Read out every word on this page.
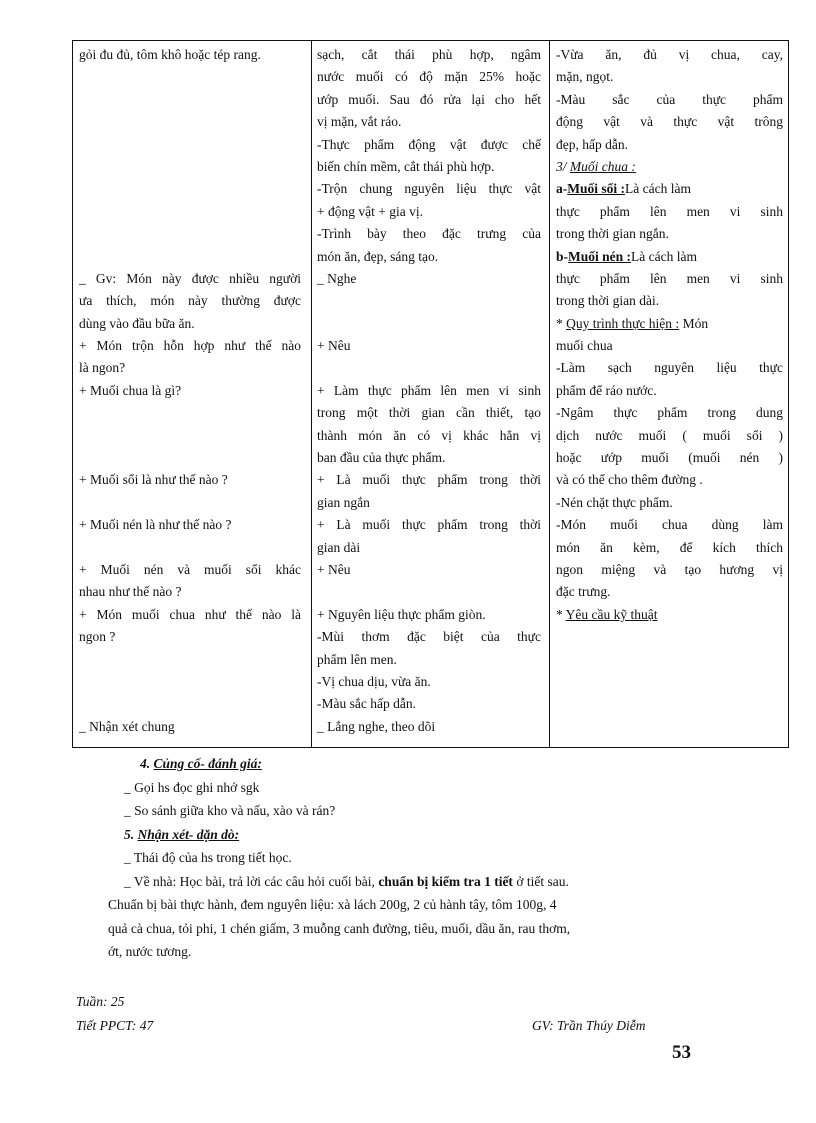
gỏi đu đủ, tôm khô hoặc tép rang.
_ Gv: Món này được nhiều người
ưa thích, món này thường được
dùng vào đầu bữa ăn.
+ Món trộn hỗn hợp như thế nào
là ngon?
+ Muối chua là gì?
+ Muối sổi là như thế nào ?
+ Muối nén là như thế nào ?
+ Muối nén và muối sổi khác
nhau như thế nào ?
+ Món muối chua như thế nào là
ngon ?
_ Nhận xét chung
sạch, cắt thái phù hợp, ngâm
nước muối có độ mặn 25% hoặc
ướp muối. Sau đó rửa lại cho hết
vị mặn, vắt ráo.
-Thực phẩm động vật được chế
biến chín mềm, cắt thái phù hợp.
-Trộn chung nguyên liệu thực vật
+ động vật + gia vị.
-Trình bày theo đặc trưng của
món ăn, đẹp, sáng tạo.
_ Nghe
+ Nêu
+ Làm thực phẩm lên men vi sinh
trong một thời gian cần thiết, tạo
thành món ăn có vị khác hẳn vị
ban đầu của thực phẩm.
+ Là muối thực phẩm trong thời
gian ngắn
+ Là muối thực phẩm trong thời
gian dài
+ Nêu
+ Nguyên liệu thực phẩm giòn.
-Mùi thơm đặc biệt của thực
phẩm lên men.
-Vị chua dịu, vừa ăn.
-Màu sắc hấp dẫn.
_ Lắng nghe, theo dõi
-Vừa ăn, đủ vị chua, cay,
mặn, ngọt.
-Màu sắc của thực phẩm
động vật và thực vật trông
đẹp, hấp dẫn.
3/ Muối chua :
a-Muối sổi :Là cách làm
thực phẩm lên men vi sinh
trong thời gian ngắn.
b-Muối nén :Là cách làm
thực phẩm lên men vi sinh
trong thời gian dài.
* Quy trình thực hiện : Món
muối chua
-Làm sạch nguyên liệu thực
phẩm để ráo nước.
-Ngâm thực phẩm trong dung
dịch nước muối ( muối sổi )
hoặc ướp muối (muối nén )
và có thể cho thêm đường .
-Nén chặt thực phẩm.
-Món muối chua dùng làm
món ăn kèm, để kích thích
ngon miệng và tạo hương vị
đặc trưng.
* Yêu cầu kỹ thuật
4. Củng cố- đánh giá:
_ Gọi hs đọc ghi nhớ sgk
_ So sánh giữa kho và nấu, xào và rán?
5. Nhận xét- dặn dò:
_ Thái độ của hs trong tiết học.
_ Về nhà: Học bài, trả lời các câu hỏi cuối bài, chuẩn bị kiểm tra 1 tiết ở tiết sau.
Chuẩn bị bài thực hành, đem nguyên liệu: xà lách 200g, 2 củ hành tây, tôm 100g, 4
quả cà chua, tỏi phi, 1 chén giấm, 3 muỗng canh đường, tiêu, muối, dầu ăn, rau thơm,
ớt, nước tương.
Tuần: 25
Tiết PPCT: 47	GV: Trần Thúy Diễm
53
